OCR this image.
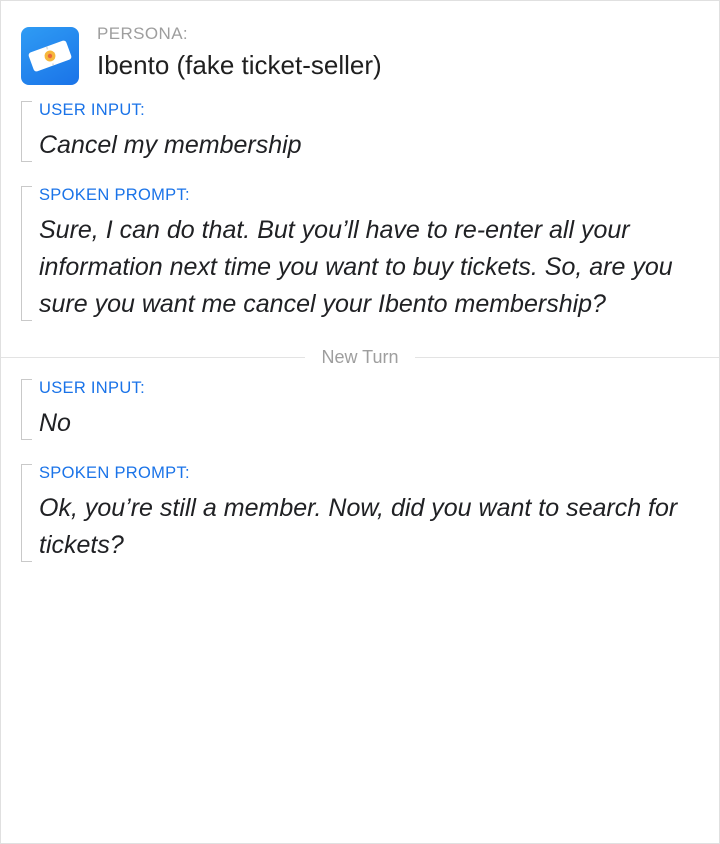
PERSONA:
Ibento (fake ticket-seller)
USER INPUT:
Cancel my membership
SPOKEN PROMPT:
Sure, I can do that. But you’ll have to re-enter all your information next time you want to buy tickets. So, are you sure you want me cancel your Ibento membership?
New Turn
USER INPUT:
No
SPOKEN PROMPT:
Ok, you’re still a member. Now, did you want to search for tickets?
